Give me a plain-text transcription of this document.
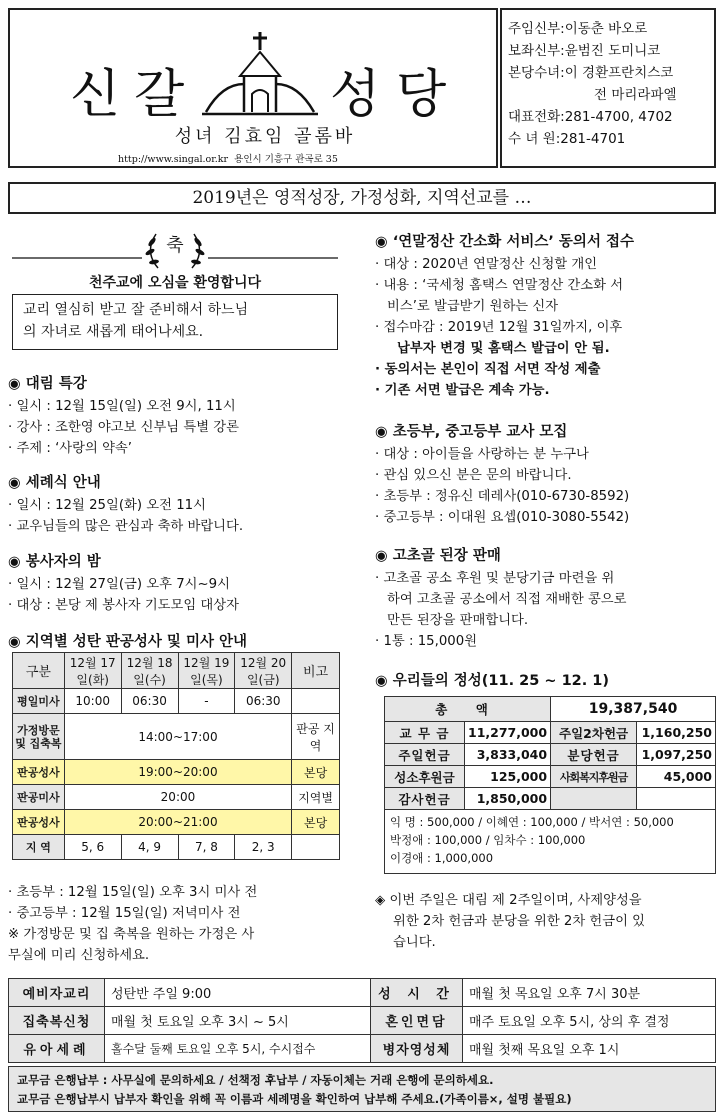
신 갈	성 당
성녀 김효임 골롬바
http://www.singal.or.kr 용인시 기흥구 관곡로 35
주임신부:이동춘 바오로
보좌신부:윤범진 도미니코
본당수녀:이 경환프란치스코
전 마리라파엘
대표전화:281-4700, 4702
수 녀 원:281-4701
2019년은 영적성장, 가정성화, 지역선교를 …
축
천주교에 오심을 환영합니다
교리 열심히 받고 잘 준비해서 하느님
의 자녀로 새롭게 태어나세요.
◉ 대림 특강
· 일시 : 12월 15일(일) 오전 9시, 11시
· 강사 : 조한영 야고보 신부님 특별 강론
· 주제 : ‘사랑의 약속’
◉ 세례식 안내
· 일시 : 12월 25일(화) 오전 11시
· 교우님들의 많은 관심과 축하 바랍니다.
◉ 봉사자의 밤
· 일시 : 12월 27일(금) 오후 7시~9시
· 대상 : 본당 제 봉사자 기도모임 대상자
◉ 지역별 성탄 판공성사 및 미사 안내
구분	12월 17일(화)	12월 18일(수)	12월 19일(목)	12월 20일(금)	비고
평일미사	10:00	06:30	-	06:30	
가정방문 및 집축복	14:00~17:00				판공 지역
판공성사	19:00~20:00				본당
판공미사	20:00				지역별
판공성사	20:00~21:00				본당
지 역	5, 6	4, 9	7, 8	2, 3	
· 초등부 : 12월 15일(일) 오후 3시 미사 전
· 중고등부 : 12월 15일(일) 저녁미사 전
※ 가정방문 및 집 축복을 원하는 가정은 사
무실에 미리 신청하세요.
◉ ‘연말정산 간소화 서비스’ 동의서 접수
· 대상 : 2020년 연말정산 신청할 개인
· 내용 : ‘국세청 홈택스 연말정산 간소화 서
비스’로 발급받기 원하는 신자
· 접수마감 : 2019년 12월 31일까지, 이후
납부자 변경 및 홈택스 발급이 안 됨.
· 동의서는 본인이 직접 서면 작성 제출
· 기존 서면 발급은 계속 가능.
◉ 초등부, 중고등부 교사 모집
· 대상 : 아이들을 사랑하는 분 누구나
· 관심 있으신 분은 문의 바랍니다.
· 초등부 : 정유신 데레사(010-6730-8592)
· 중고등부 : 이대원 요셉(010-3080-5542)
◉ 고초골 된장 판매
· 고초골 공소 후원 및 분당기금 마련을 위
하여 고초골 공소에서 직접 재배한 콩으로
만든 된장을 판매합니다.
· 1통 : 15,000원
◉ 우리들의 정성(11. 25 ~ 12. 1)
총 액		19,387,540	
교 무 금	11,277,000	주일2차헌금	1,160,250
주일헌금	3,833,040	분당헌금	1,097,250
성소후원금	125,000	사회복지후원금	45,000
감사헌금	1,850,000		

익 명 : 500,000 / 이혜연 : 100,000 / 박서연 : 50,000
박정애 : 100,000 / 임차수 : 100,000
이경애 : 1,000,000			
◈ 이번 주일은 대림 제 2주일이며, 사제양성을
위한 2차 헌금과 분당을 위한 2차 헌금이 있
습니다.
예비자교리	성탄반 주일 9:00	성 시 간	매월 첫 목요일 오후 7시 30분
집축복신청	매월 첫 토요일 오후 3시 ~ 5시	혼인면담	매주 토요일 오후 5시, 상의 후 결정
유아세례	홀수달 둘째 토요일 오후 5시, 수시접수	병자영성체	매월 첫째 목요일 오후 1시
교무금 은행납부 : 사무실에 문의하세요 / 선책정 후납부 / 자동이체는 거래 은행에 문의하세요.
교무금 은행납부시 납부자 확인을 위해 꼭 이름과 세례명을 확인하여 납부해 주세요.(가족이름×, 설명 불필요)
